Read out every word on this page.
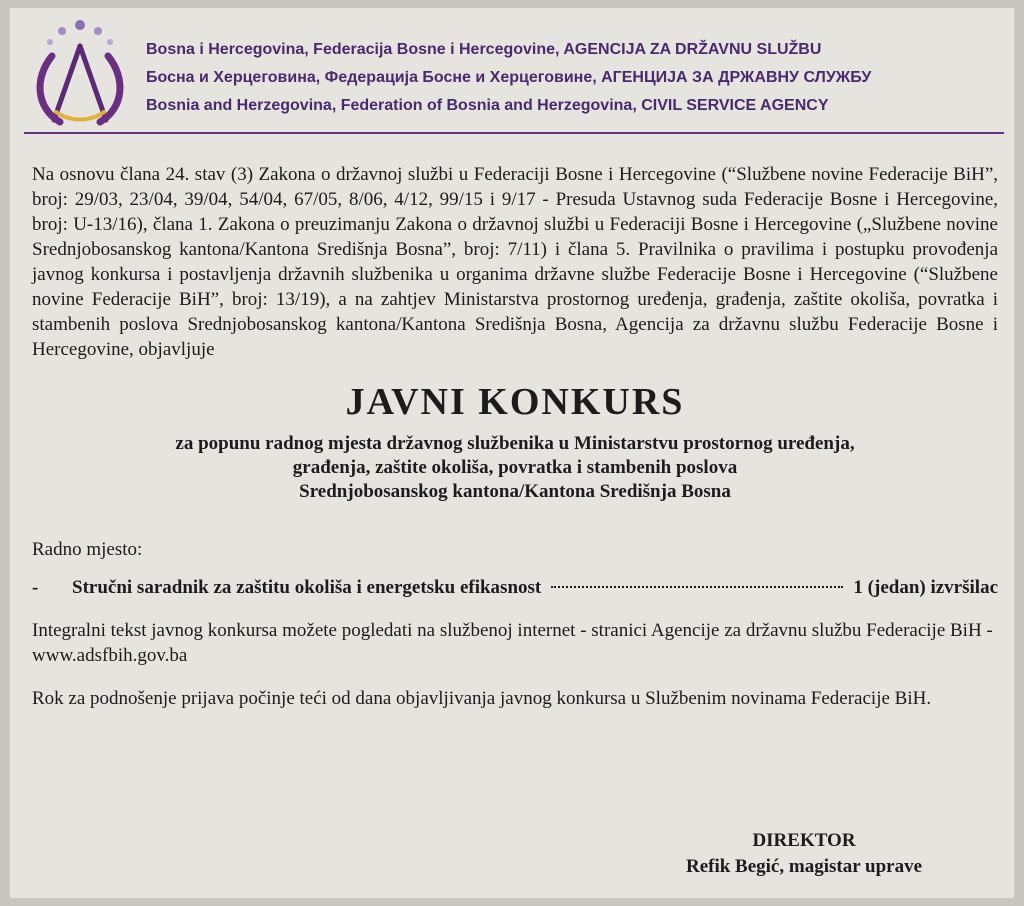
Bosna i Hercegovina, Federacija Bosne i Hercegovine, AGENCIJA ZA DRŽAVNU SLUŽBU
Босна и Херцеговина, Федерација Босне и Херцеговине, АГЕНЦИЈА ЗА ДРЖАВНУ СЛУЖБУ
Bosnia and Herzegovina, Federation of Bosnia and Herzegovina, CIVIL SERVICE AGENCY

Na osnovu člana 24. stav (3) Zakona o državnoj službi u Federaciji Bosne i Hercegovine (“Službene novine Federacije BiH”, broj: 29/03, 23/04, 39/04, 54/04, 67/05, 8/06, 4/12, 99/15 i 9/17 - Presuda Ustavnog suda Federacije Bosne i Hercegovine, broj: U-13/16), člana 1. Zakona o preuzimanju Zakona o državnoj službi u Federaciji Bosne i Hercegovine („Službene novine Srednjobosanskog kantona/Kantona Središnja Bosna”, broj: 7/11) i člana 5. Pravilnika o pravilima i postupku provođenja javnog konkursa i postavljenja državnih službenika u organima državne službe Federacije Bosne i Hercegovine (“Službene novine Federacije BiH”, broj: 13/19), a na zahtjev Ministarstva prostornog uređenja, građenja, zaštite okoliša, povratka i stambenih poslova Srednjobosanskog kantona/Kantona Središnja Bosna, Agencija za državnu službu Federacije Bosne i Hercegovine, objavljuje

JAVNI KONKURS
za popunu radnog mjesta državnog službenika u Ministarstvu prostornog uređenja,
građenja, zaštite okoliša, povratka i stambenih poslova
Srednjobosanskog kantona/Kantona Središnja Bosna
Radno mjesto:
-	Stručni saradnik za zaštitu okoliša i energetsku efikasnost	1 (jedan) izvršilac

Integralni tekst javnog konkursa možete pogledati na službenoj internet - stranici Agencije za državnu službu Federacije BiH - www.adsfbih.gov.ba

Rok za podnošenje prijava počinje teći od dana objavljivanja javnog konkursa u Službenim novinama Federacije BiH.

DIREKTOR
Refik Begić, magistar uprave
